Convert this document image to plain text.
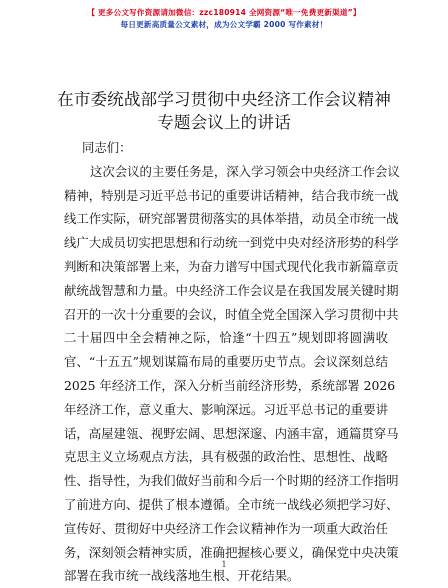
【 更多公文写作资源请加微信：zzc180914 全网资源“唯一免费更新渠道”】
每日更新高质量公文素材，成为公文学霸 2000 写作素材！
在市委统战部学习贯彻中央经济工作会议精神
专题会议上的讲话
同志们：
这次会议的主要任务是，深入学习领会中央经济工作会议
精神，特别是习近平总书记的重要讲话精神，结合我市统一战
线工作实际，研究部署贯彻落实的具体举措，动员全市统一战
线广大成员切实把思想和行动统一到党中央对经济形势的科学
判断和决策部署上来，为奋力谱写中国式现代化我市新篇章贡
献统战智慧和力量。中央经济工作会议是在我国发展关键时期
召开的一次十分重要的会议，时值全党全国深入学习贯彻中共
二十届四中全会精神之际，恰逢“十四五”规划即将圆满收
官、“十五五”规划谋篇布局的重要历史节点。会议深刻总结
2025 年经济工作，深入分析当前经济形势，系统部署 2026
年经济工作，意义重大、影响深远。习近平总书记的重要讲
话，高屋建瓴、视野宏阔、思想深邃、内涵丰富，通篇贯穿马
克思主义立场观点方法，具有极强的政治性、思想性、战略
性、指导性，为我们做好当前和今后一个时期的经济工作指明
了前进方向、提供了根本遵循。全市统一战线必须把学习好、
宣传好、贯彻好中央经济工作会议精神作为一项重大政治任
务，深刻领会精神实质，准确把握核心要义，确保党中央决策
部署在我市统一战线落地生根、开花结果。
1
